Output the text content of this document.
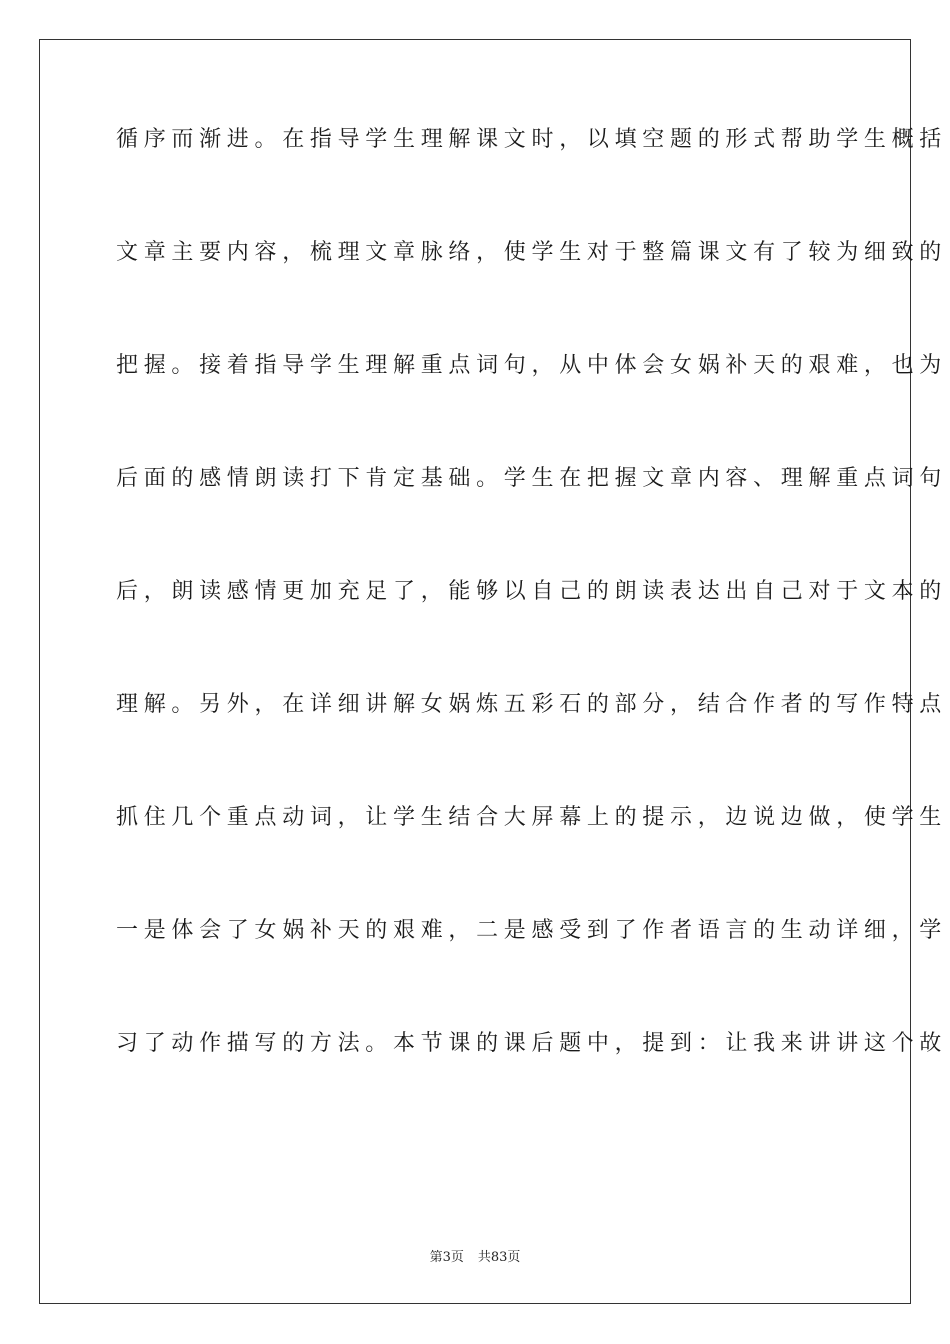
循序而渐进。在指导学生理解课文时，以填空题的形式帮助学生概括
文章主要内容，梳理文章脉络，使学生对于整篇课文有了较为细致的
把握。接着指导学生理解重点词句，从中体会女娲补天的艰难，也为
后面的感情朗读打下肯定基础。学生在把握文章内容、理解重点词句
后，朗读感情更加充足了，能够以自己的朗读表达出自己对于文本的
理解。另外，在详细讲解女娲炼五彩石的部分，结合作者的写作特点
抓住几个重点动词，让学生结合大屏幕上的提示，边说边做，使学生
一是体会了女娲补天的艰难，二是感受到了作者语言的生动详细，学
习了动作描写的方法。本节课的课后题中，提到：让我来讲讲这个故
第3页 共83页
